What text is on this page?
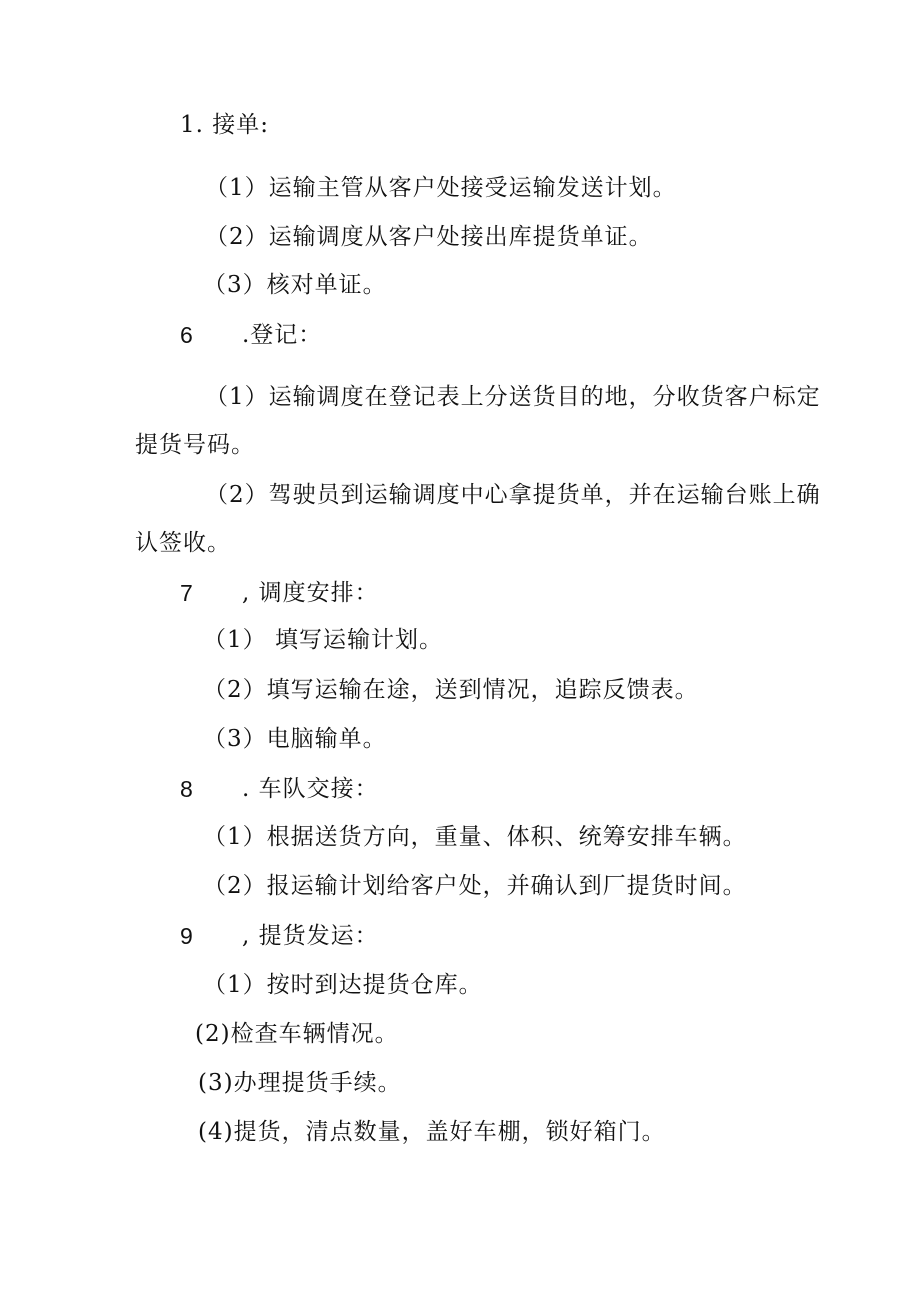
1. 接单:
（1）运输主管从客户处接受运输发送计划。
（2）运输调度从客户处接出库提货单证。
（3）核对单证。
6 .登记：
（1）运输调度在登记表上分送货目的地，分收货客户标定
提货号码。
（2）驾驶员到运输调度中心拿提货单，并在运输台账上确
认签收。
7 , 调度安排：
（1） 填写运输计划。
（2）填写运输在途，送到情况，追踪反馈表。
（3）电脑输单。
8 . 车队交接：
（1）根据送货方向，重量、体积、统筹安排车辆。
（2）报运输计划给客户处，并确认到厂提货时间。
9 , 提货发运：
（1）按时到达提货仓库。
(2)检查车辆情况。
(3)办理提货手续。
(4)提货，清点数量，盖好车棚，锁好箱门。
